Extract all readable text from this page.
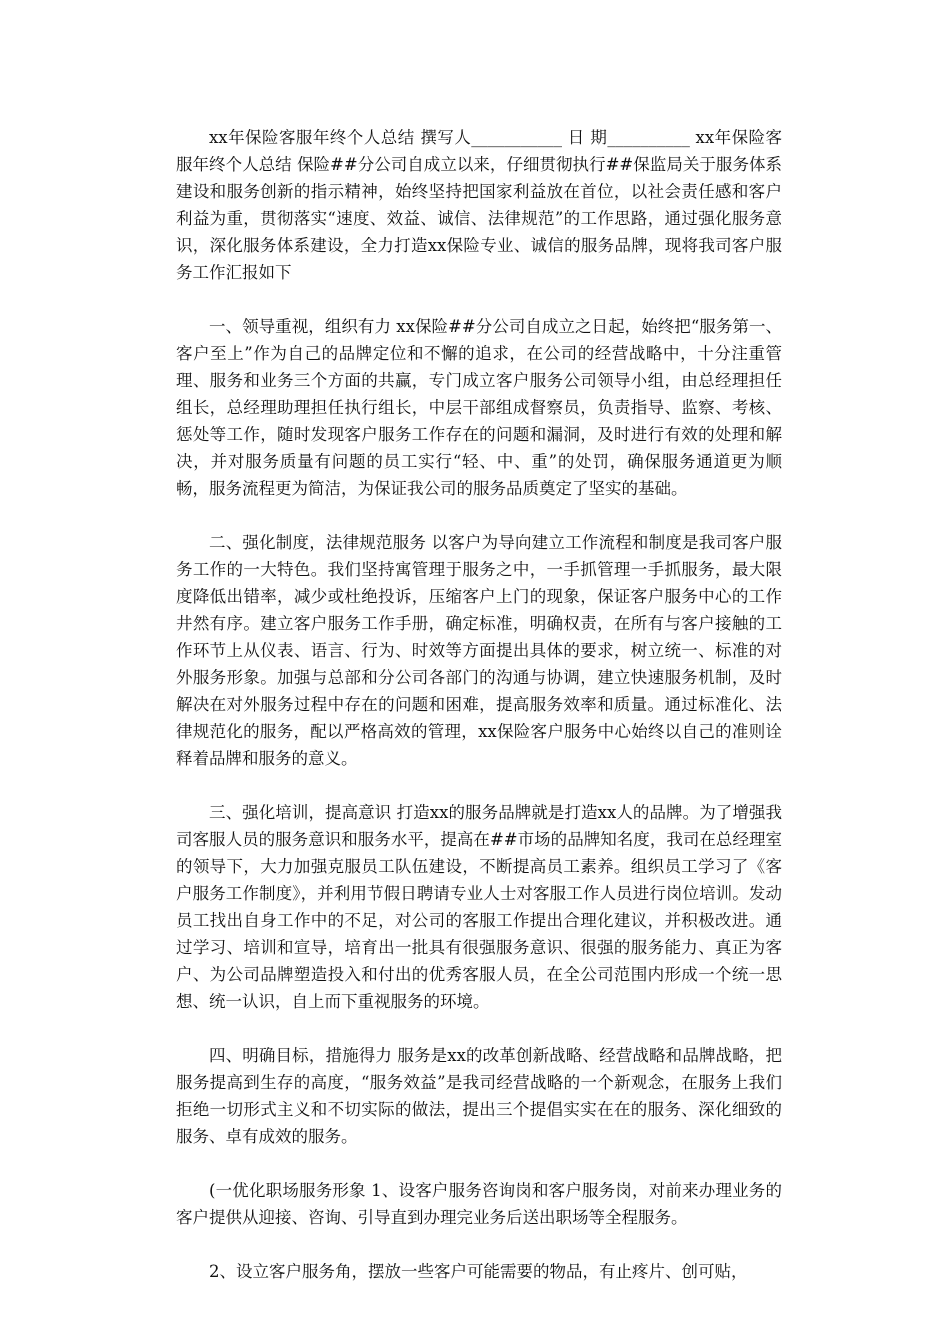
xx年保险客服年终个人总结 撰写人___________ 日 期__________ xx年保险客服年终个人总结 保险##分公司自成立以来，仔细贯彻执行##保监局关于服务体系建设和服务创新的指示精神，始终坚持把国家利益放在首位，以社会责任感和客户利益为重，贯彻落实“速度、效益、诚信、法律规范”的工作思路，通过强化服务意识，深化服务体系建设，全力打造xx保险专业、诚信的服务品牌，现将我司客户服务工作汇报如下

一、领导重视，组织有力 xx保险##分公司自成立之日起，始终把“服务第一、客户至上”作为自己的品牌定位和不懈的追求，在公司的经营战略中，十分注重管理、服务和业务三个方面的共赢，专门成立客户服务公司领导小组，由总经理担任组长，总经理助理担任执行组长，中层干部组成督察员，负责指导、监察、考核、惩处等工作，随时发现客户服务工作存在的问题和漏洞，及时进行有效的处理和解决，并对服务质量有问题的员工实行“轻、中、重”的处罚，确保服务通道更为顺畅，服务流程更为简洁，为保证我公司的服务品质奠定了坚实的基础。

二、强化制度，法律规范服务 以客户为导向建立工作流程和制度是我司客户服务工作的一大特色。我们坚持寓管理于服务之中，一手抓管理一手抓服务，最大限度降低出错率，减少或杜绝投诉，压缩客户上门的现象，保证客户服务中心的工作井然有序。建立客户服务工作手册，确定标准，明确权责，在所有与客户接触的工作环节上从仪表、语言、行为、时效等方面提出具体的要求，树立统一、标准的对外服务形象。加强与总部和分公司各部门的沟通与协调，建立快速服务机制，及时解决在对外服务过程中存在的问题和困难，提高服务效率和质量。通过标准化、法律规范化的服务，配以严格高效的管理，xx保险客户服务中心始终以自己的准则诠释着品牌和服务的意义。

三、强化培训，提高意识 打造xx的服务品牌就是打造xx人的品牌。为了增强我司客服人员的服务意识和服务水平，提高在##市场的品牌知名度，我司在总经理室的领导下，大力加强克服员工队伍建设，不断提高员工素养。组织员工学习了《客户服务工作制度》，并利用节假日聘请专业人士对客服工作人员进行岗位培训。发动员工找出自身工作中的不足，对公司的客服工作提出合理化建议，并积极改进。通过学习、培训和宣导，培育出一批具有很强服务意识、很强的服务能力、真正为客户、为公司品牌塑造投入和付出的优秀客服人员，在全公司范围内形成一个统一思想、统一认识，自上而下重视服务的环境。

四、明确目标，措施得力 服务是xx的改革创新战略、经营战略和品牌战略，把服务提高到生存的高度，“服务效益”是我司经营战略的一个新观念，在服务上我们拒绝一切形式主义和不切实际的做法，提出三个提倡实实在在的服务、深化细致的服务、卓有成效的服务。

(一优化职场服务形象 1、设客户服务咨询岗和客户服务岗，对前来办理业务的客户提供从迎接、咨询、引导直到办理完业务后送出职场等全程服务。

2、设立客户服务角，摆放一些客户可能需要的物品，有止疼片、创可贴，
